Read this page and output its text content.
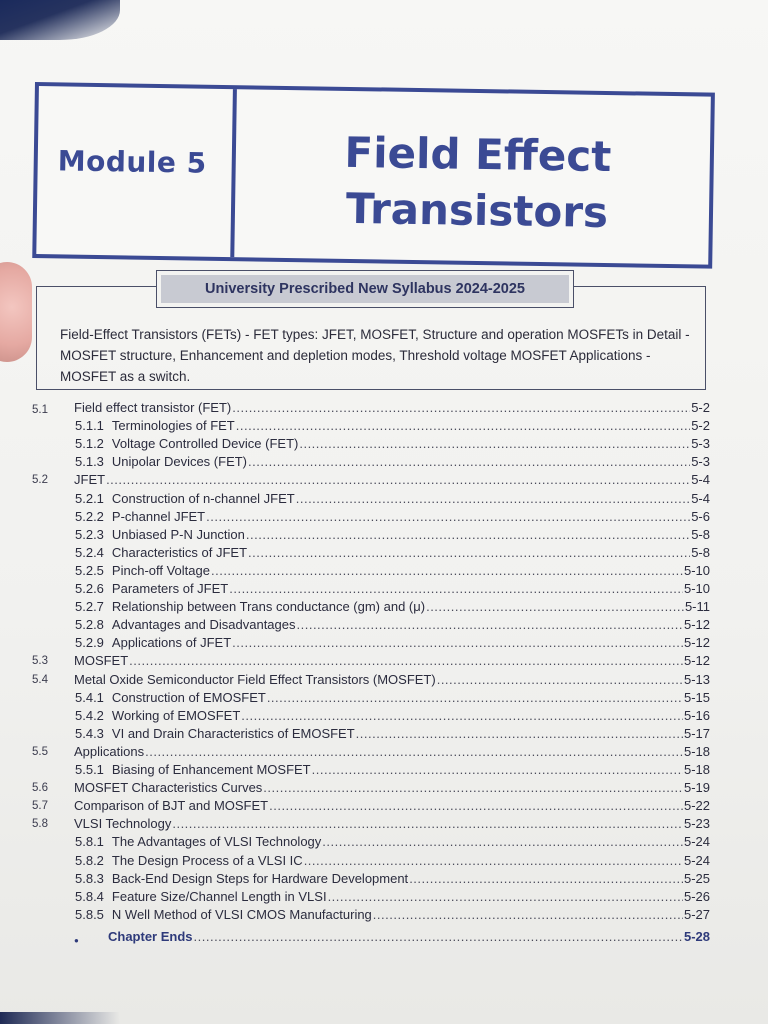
Module 5	Field Effect
Transistors
University Prescribed New Syllabus 2024-2025
Field-Effect Transistors (FETs) - FET types: JFET, MOSFET, Structure and operation MOSFETs in Detail - MOSFET structure, Enhancement and depletion modes, Threshold voltage MOSFET Applications - MOSFET as a switch.
5.1	Field effect transistor (FET) .....	5-2
5.1.1 Terminologies of FET .....	5-2
5.1.2 Voltage Controlled Device (FET) .....	5-3
5.1.3 Unipolar Devices (FET) .....	5-3
5.2	JFET .....	5-4
5.2.1 Construction of n-channel JFET .....	5-4
5.2.2 P-channel JFET .....	5-6
5.2.3 Unbiased P-N Junction .....	5-8
5.2.4 Characteristics of JFET .....	5-8
5.2.5 Pinch-off Voltage .....	5-10
5.2.6 Parameters of JFET .....	5-10
5.2.7 Relationship between Trans conductance (gm) and (μ) .....	5-11
5.2.8 Advantages and Disadvantages .....	5-12
5.2.9 Applications of JFET .....	5-12
5.3	MOSFET .....	5-12
5.4	Metal Oxide Semiconductor Field Effect Transistors (MOSFET) .....	5-13
5.4.1 Construction of EMOSFET .....	5-15
5.4.2 Working of EMOSFET .....	5-16
5.4.3 VI and Drain Characteristics of EMOSFET .....	5-17
5.5	Applications .....	5-18
5.5.1 Biasing of Enhancement MOSFET .....	5-18
5.6	MOSFET Characteristics Curves .....	5-19
5.7	Comparison of BJT and MOSFET .....	5-22
5.8	VLSI Technology .....	5-23
5.8.1 The Advantages of VLSI Technology .....	5-24
5.8.2 The Design Process of a VLSI IC .....	5-24
5.8.3 Back-End Design Steps for Hardware Development .....	5-25
5.8.4 Feature Size/Channel Length in VLSI .....	5-26
5.8.5 N Well Method of VLSI CMOS Manufacturing .....	5-27
● Chapter Ends .....	5-28
